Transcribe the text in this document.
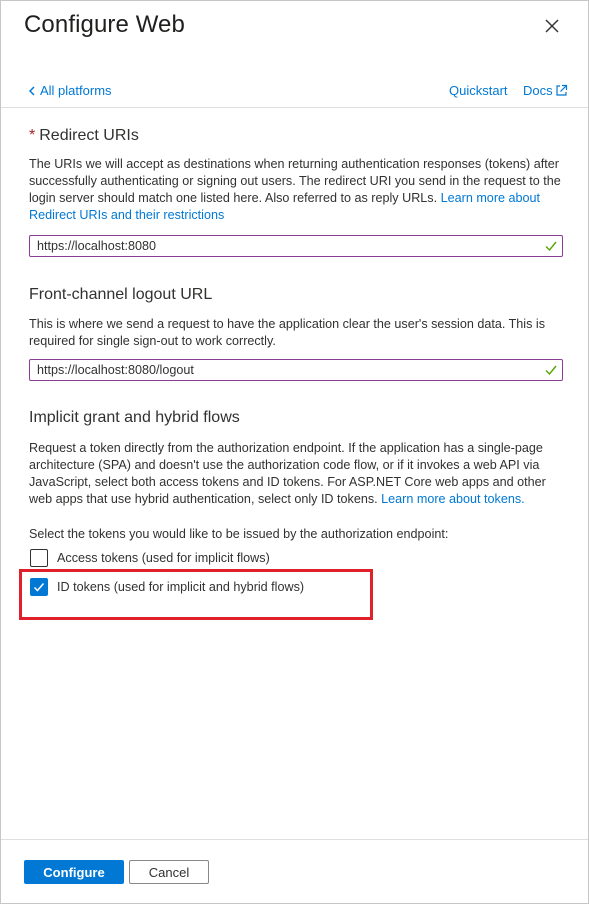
Configure Web
All platforms	Quickstart Docs
* Redirect URIs
The URIs we will accept as destinations when returning authentication responses (tokens) after successfully authenticating or signing out users. The redirect URI you send in the request to the login server should match one listed here. Also referred to as reply URLs. Learn more about Redirect URIs and their restrictions
https://localhost:8080
Front-channel logout URL
This is where we send a request to have the application clear the user's session data. This is required for single sign-out to work correctly.
https://localhost:8080/logout
Implicit grant and hybrid flows
Request a token directly from the authorization endpoint. If the application has a single-page architecture (SPA) and doesn't use the authorization code flow, or if it invokes a web API via JavaScript, select both access tokens and ID tokens. For ASP.NET Core web apps and other web apps that use hybrid authentication, select only ID tokens. Learn more about tokens.
Select the tokens you would like to be issued by the authorization endpoint:
Access tokens (used for implicit flows)
ID tokens (used for implicit and hybrid flows)
Configure	Cancel
